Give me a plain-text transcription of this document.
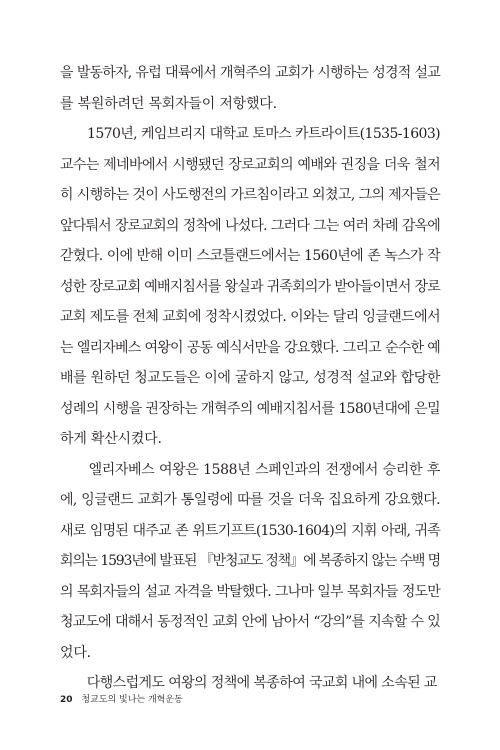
을 발동하자, 유럽 대륙에서 개혁주의 교회가 시행하는 성경적 설교
를 복원하려던 목회자들이 저항했다.

　　1570년, 케임브리지 대학교 토마스 카트라이트(1535-1603)
교수는 제네바에서 시행됐던 장로교회의 예배와 권징을 더욱 철저
히 시행하는 것이 사도행전의 가르침이라고 외쳤고, 그의 제자들은
앞다퉈서 장로교회의 정착에 나섰다. 그러다 그는 여러 차례 감옥에
갇혔다. 이에 반해 이미 스코틀랜드에서는 1560년에 존 녹스가 작
성한 장로교회 예배지침서를 왕실과 귀족회의가 받아들이면서 장로
교회 제도를 전체 교회에 정착시켰었다. 이와는 달리 잉글랜드에서
는 엘리자베스 여왕이 공동 예식서만을 강요했다. 그리고 순수한 예
배를 원하던 청교도들은 이에 굴하지 않고, 성경적 설교와 합당한
성례의 시행을 권장하는 개혁주의 예배지침서를 1580년대에 은밀
하게 확산시켰다.

　　엘리자베스 여왕은 1588년 스페인과의 전쟁에서 승리한 후
에, 잉글랜드 교회가 통일령에 따를 것을 더욱 집요하게 강요했다.
새로 임명된 대주교 존 위트기프트(1530-1604)의 지휘 아래, 귀족
회의는 1593년에 발표된 『반청교도 정책』에 복종하지 않는 수백 명
의 목회자들의 설교 자격을 박탈했다. 그나마 일부 목회자들 정도만
청교도에 대해서 동정적인 교회 안에 남아서 “강의”를 지속할 수 있
었다.

　　다행스럽게도 여왕의 정책에 복종하여 국교회 내에 소속된 교

20 청교도의 빛나는 개혁운동
